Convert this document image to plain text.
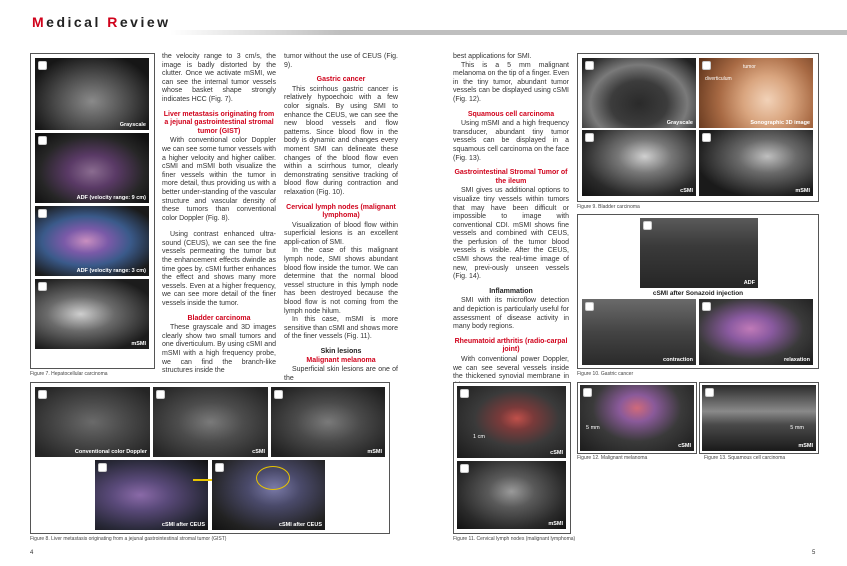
Medical Review
Grayscale
ADF (velocity range: 9 cm)
ADF (velocity range: 3 cm)
mSMI
Figure 7. Hepatocellular carcinoma

the velocity range to 3 cm/s, the image is badly distorted by the clutter. Once we activate mSMI, we can see the internal tumor vessels whose basket shape strongly indicates HCC (Fig. 7).

Liver metastasis originating from a jejunal gastrointestinal stromal tumor (GIST)

With conventional color Doppler we can see some tumor vessels with a higher velocity and higher caliber. cSMI and mSMI both visualize the finer vessels within the tumor in more detail, thus providing us with a better under-standing of the vascular structure and vascular density of these tumors than conventional color Doppler (Fig. 8).

Using contrast enhanced ultra-sound (CEUS), we can see the fine vessels permeating the tumor but the enhancement effects dwindle as time goes by. cSMI further enhances the effect and shows many more vessels. Even at a higher frequency, we can see more detail of the finer vessels inside the tumor.

Bladder carcinoma

These grayscale and 3D images clearly show two small tumors and one diverticulum. By using cSMI and mSMI with a high frequency probe, we can find the branch-like structures inside the

tumor without the use of CEUS (Fig. 9).

Gastric cancer

This scirrhous gastric cancer is relatively hypoechoic with a few color signals. By using SMI to enhance the CEUS, we can see the new blood vessels and flow patterns. Since blood flow in the body is dynamic and changes every moment SMI can delineate these changes of the blood flow even within a scirrhous tumor, clearly demonstrating sensitive tracking of blood flow during contraction and relaxation (Fig. 10).

Cervical lymph nodes (malignant lymphoma)

Visualization of blood flow within superficial lesions is an excellent appli-cation of SMI.

In the case of this malignant lymph node, SMI shows abundant blood flow inside the tumor. We can determine that the normal blood vessel structure in this lymph node has been destroyed because the blood flow is not coming from the lymph node hilum.

In this case, mSMI is more sensitive than cSMI and shows more of the finer vessels (Fig. 11).

Skin lesions
Malignant melanoma

Superficial skin lesions are one of the

best applications for SMI.

This is a 5 mm malignant melanoma on the tip of a finger. Even in the tiny tumor, abundant tumor vessels can be displayed using cSMI (Fig. 12).

Squamous cell carcinoma

Using mSMI and a high frequency transducer, abundant tiny tumor vessels can be displayed in a squamous cell carcinoma on the face (Fig. 13).

Gastrointestinal Stromal Tumor of the ileum

SMI gives us additional options to visualize tiny vessels within tumors that may have been difficult or impossible to image with conventional CDI. mSMI shows fine vessels and combined with CEUS, the perfusion of the tumor blood vessels is visible. After the CEUS, cSMI shows the real-time image of new, previ-ously unseen vessels (Fig. 14).

Inflammation

SMI with its microflow detection and depiction is particularly useful for assessment of disease activity in many body regions.

Rheumatoid arthritis (radio-carpal joint)

With conventional power Doppler, we can see several vessels inside the thickened synovial membrane in

Grayscale
tumor
diverticulum
Sonographic 3D image
cSMI	mSMI
Figure 9. Bladder carcinoma
ADF
cSMI after Sonazoid injection
contraction	relaxation
Figure 10. Gastric cancer
Conventional color Doppler	cSMI	mSMI
cSMI after CEUS	cSMI after CEUS
Figure 8. Liver metastasis originating from a jejunal gastrointestinal stromal tumor (GIST)
1 cm
cSMI
mSMI
Figure 11. Cervical lymph nodes (malignant lymphoma)
5 mm
cSMI
Figure 12. Malignant melanoma
5 mm
mSMI
Figure 13. Squamous cell carcinoma
4	5
